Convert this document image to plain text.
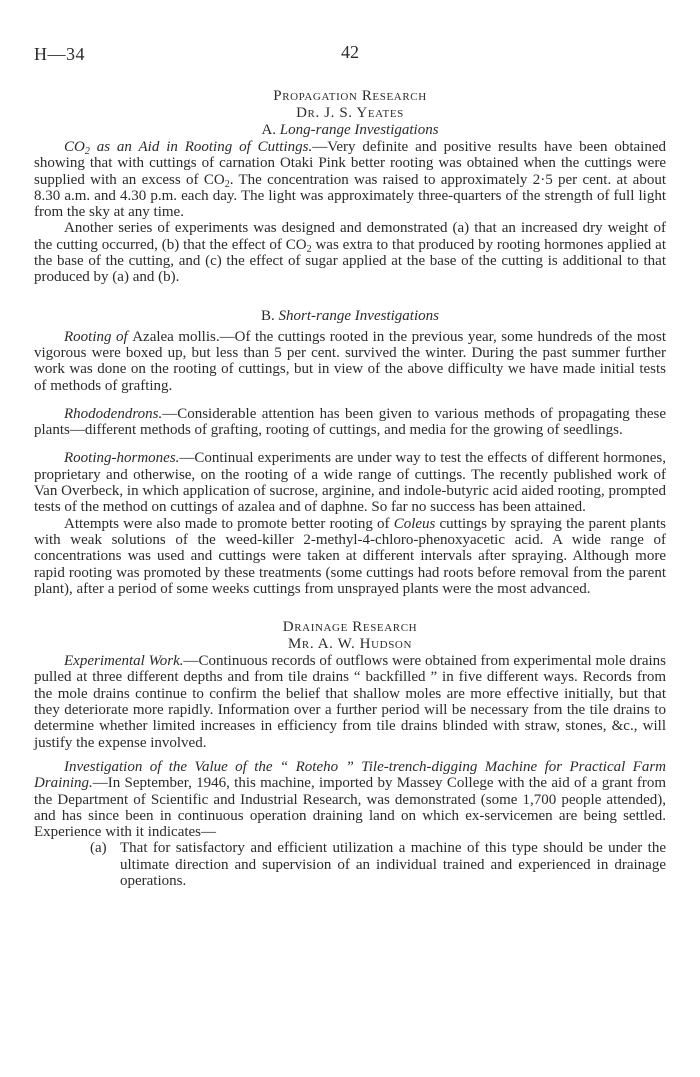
H—34	42
Propagation Research
Dr. J. S. Yeates
A. Long-range Investigations

$CO_2$ as an Aid in Rooting of Cuttings.—Very definite and positive results have been obtained showing that with cuttings of carnation Otaki Pink better rooting was obtained when the cuttings were supplied with an excess of $CO_2$. The concentration was raised to approximately 2·5 per cent. at about 8.30 a.m. and 4.30 p.m. each day. The light was approximately three-quarters of the strength of full light from the sky at any time.

Another series of experiments was designed and demonstrated (a) that an increased dry weight of the cutting occurred, (b) that the effect of $CO_2$ was extra to that produced by rooting hormones applied at the base of the cutting, and (c) the effect of sugar applied at the base of the cutting is additional to that produced by (a) and (b).

B. Short-range Investigations

Rooting of Azalea mollis.—Of the cuttings rooted in the previous year, some hundreds of the most vigorous were boxed up, but less than 5 per cent. survived the winter. During the past summer further work was done on the rooting of cuttings, but in view of the above difficulty we have made initial tests of methods of grafting.

Rhododendrons.—Considerable attention has been given to various methods of propagating these plants—different methods of grafting, rooting of cuttings, and media for the growing of seedlings.

Rooting-hormones.—Continual experiments are under way to test the effects of different hormones, proprietary and otherwise, on the rooting of a wide range of cuttings. The recently published work of Van Overbeck, in which application of sucrose, arginine, and indole-butyric acid aided rooting, prompted tests of the method on cuttings of azalea and of daphne. So far no success has been attained.

Attempts were also made to promote better rooting of Coleus cuttings by spraying the parent plants with weak solutions of the weed-killer 2-methyl-4-chloro-phenoxyacetic acid. A wide range of concentrations was used and cuttings were taken at different intervals after spraying. Although more rapid rooting was promoted by these treatments (some cuttings had roots before removal from the parent plant), after a period of some weeks cuttings from unsprayed plants were the most advanced.

Drainage Research
Mr. A. W. Hudson

Experimental Work.—Continuous records of outflows were obtained from experimental mole drains pulled at three different depths and from tile drains “ backfilled ” in five different ways. Records from the mole drains continue to confirm the belief that shallow moles are more effective initially, but that they deteriorate more rapidly. Information over a further period will be necessary from the tile drains to determine whether limited increases in efficiency from tile drains blinded with straw, stones, &c., will justify the expense involved.

Investigation of the Value of the “ Roteho ” Tile-trench-digging Machine for Practical Farm Draining.—In September, 1946, this machine, imported by Massey College with the aid of a grant from the Department of Scientific and Industrial Research, was demonstrated (some 1,700 people attended), and has since been in continuous operation draining land on which ex-servicemen are being settled. Experience with it indicates—

(a) That for satisfactory and efficient utilization a machine of this type should be under the ultimate direction and supervision of an individual trained and experienced in drainage operations.
